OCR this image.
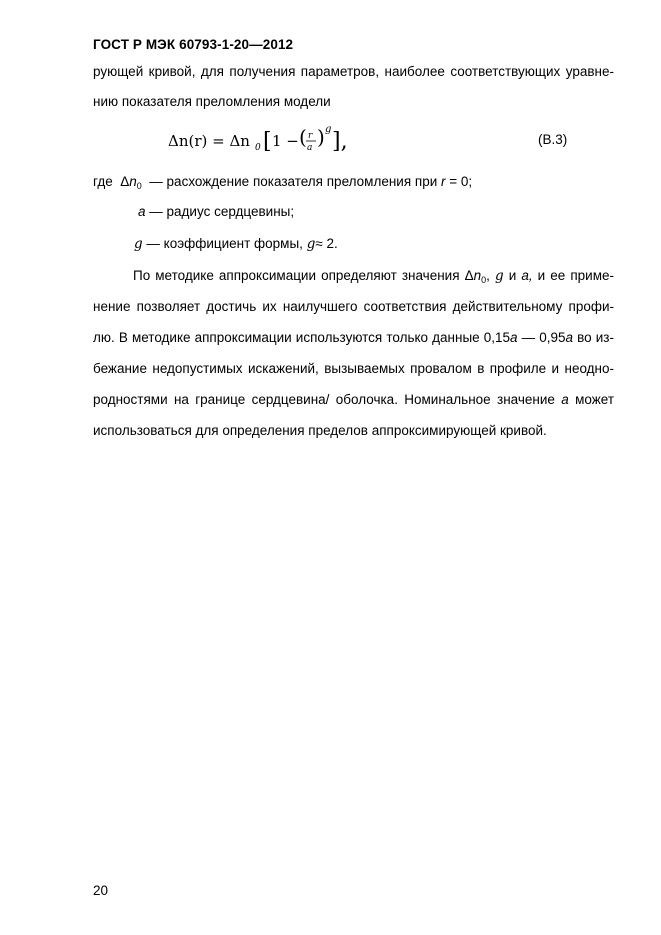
ГОСТ Р МЭК 60793-1-20—2012
рующей кривой, для получения параметров, наиболее соответствующих уравне-
нию показателя преломления модели
Δn(r) = Δn 0 [ 1 − ( r
a ) g ],	(B.3)
где $\Delta n_0$ — расхождение показателя преломления при r = 0;
a — радиус сердцевины;
g — коэффициент формы, g≈ 2.
По методике аппроксимации определяют значения $\Delta n_0$, g и a, и ее приме-
нение позволяет достичь их наилучшего соответствия действительному профи-
лю. В методике аппроксимации используются только данные 0,15a — 0,95a во из-
бежание недопустимых искажений, вызываемых провалом в профиле и неодно-
родностями на границе сердцевина/ оболочка. Номинальное значение a может
использоваться для определения пределов аппроксимирующей кривой.
20
